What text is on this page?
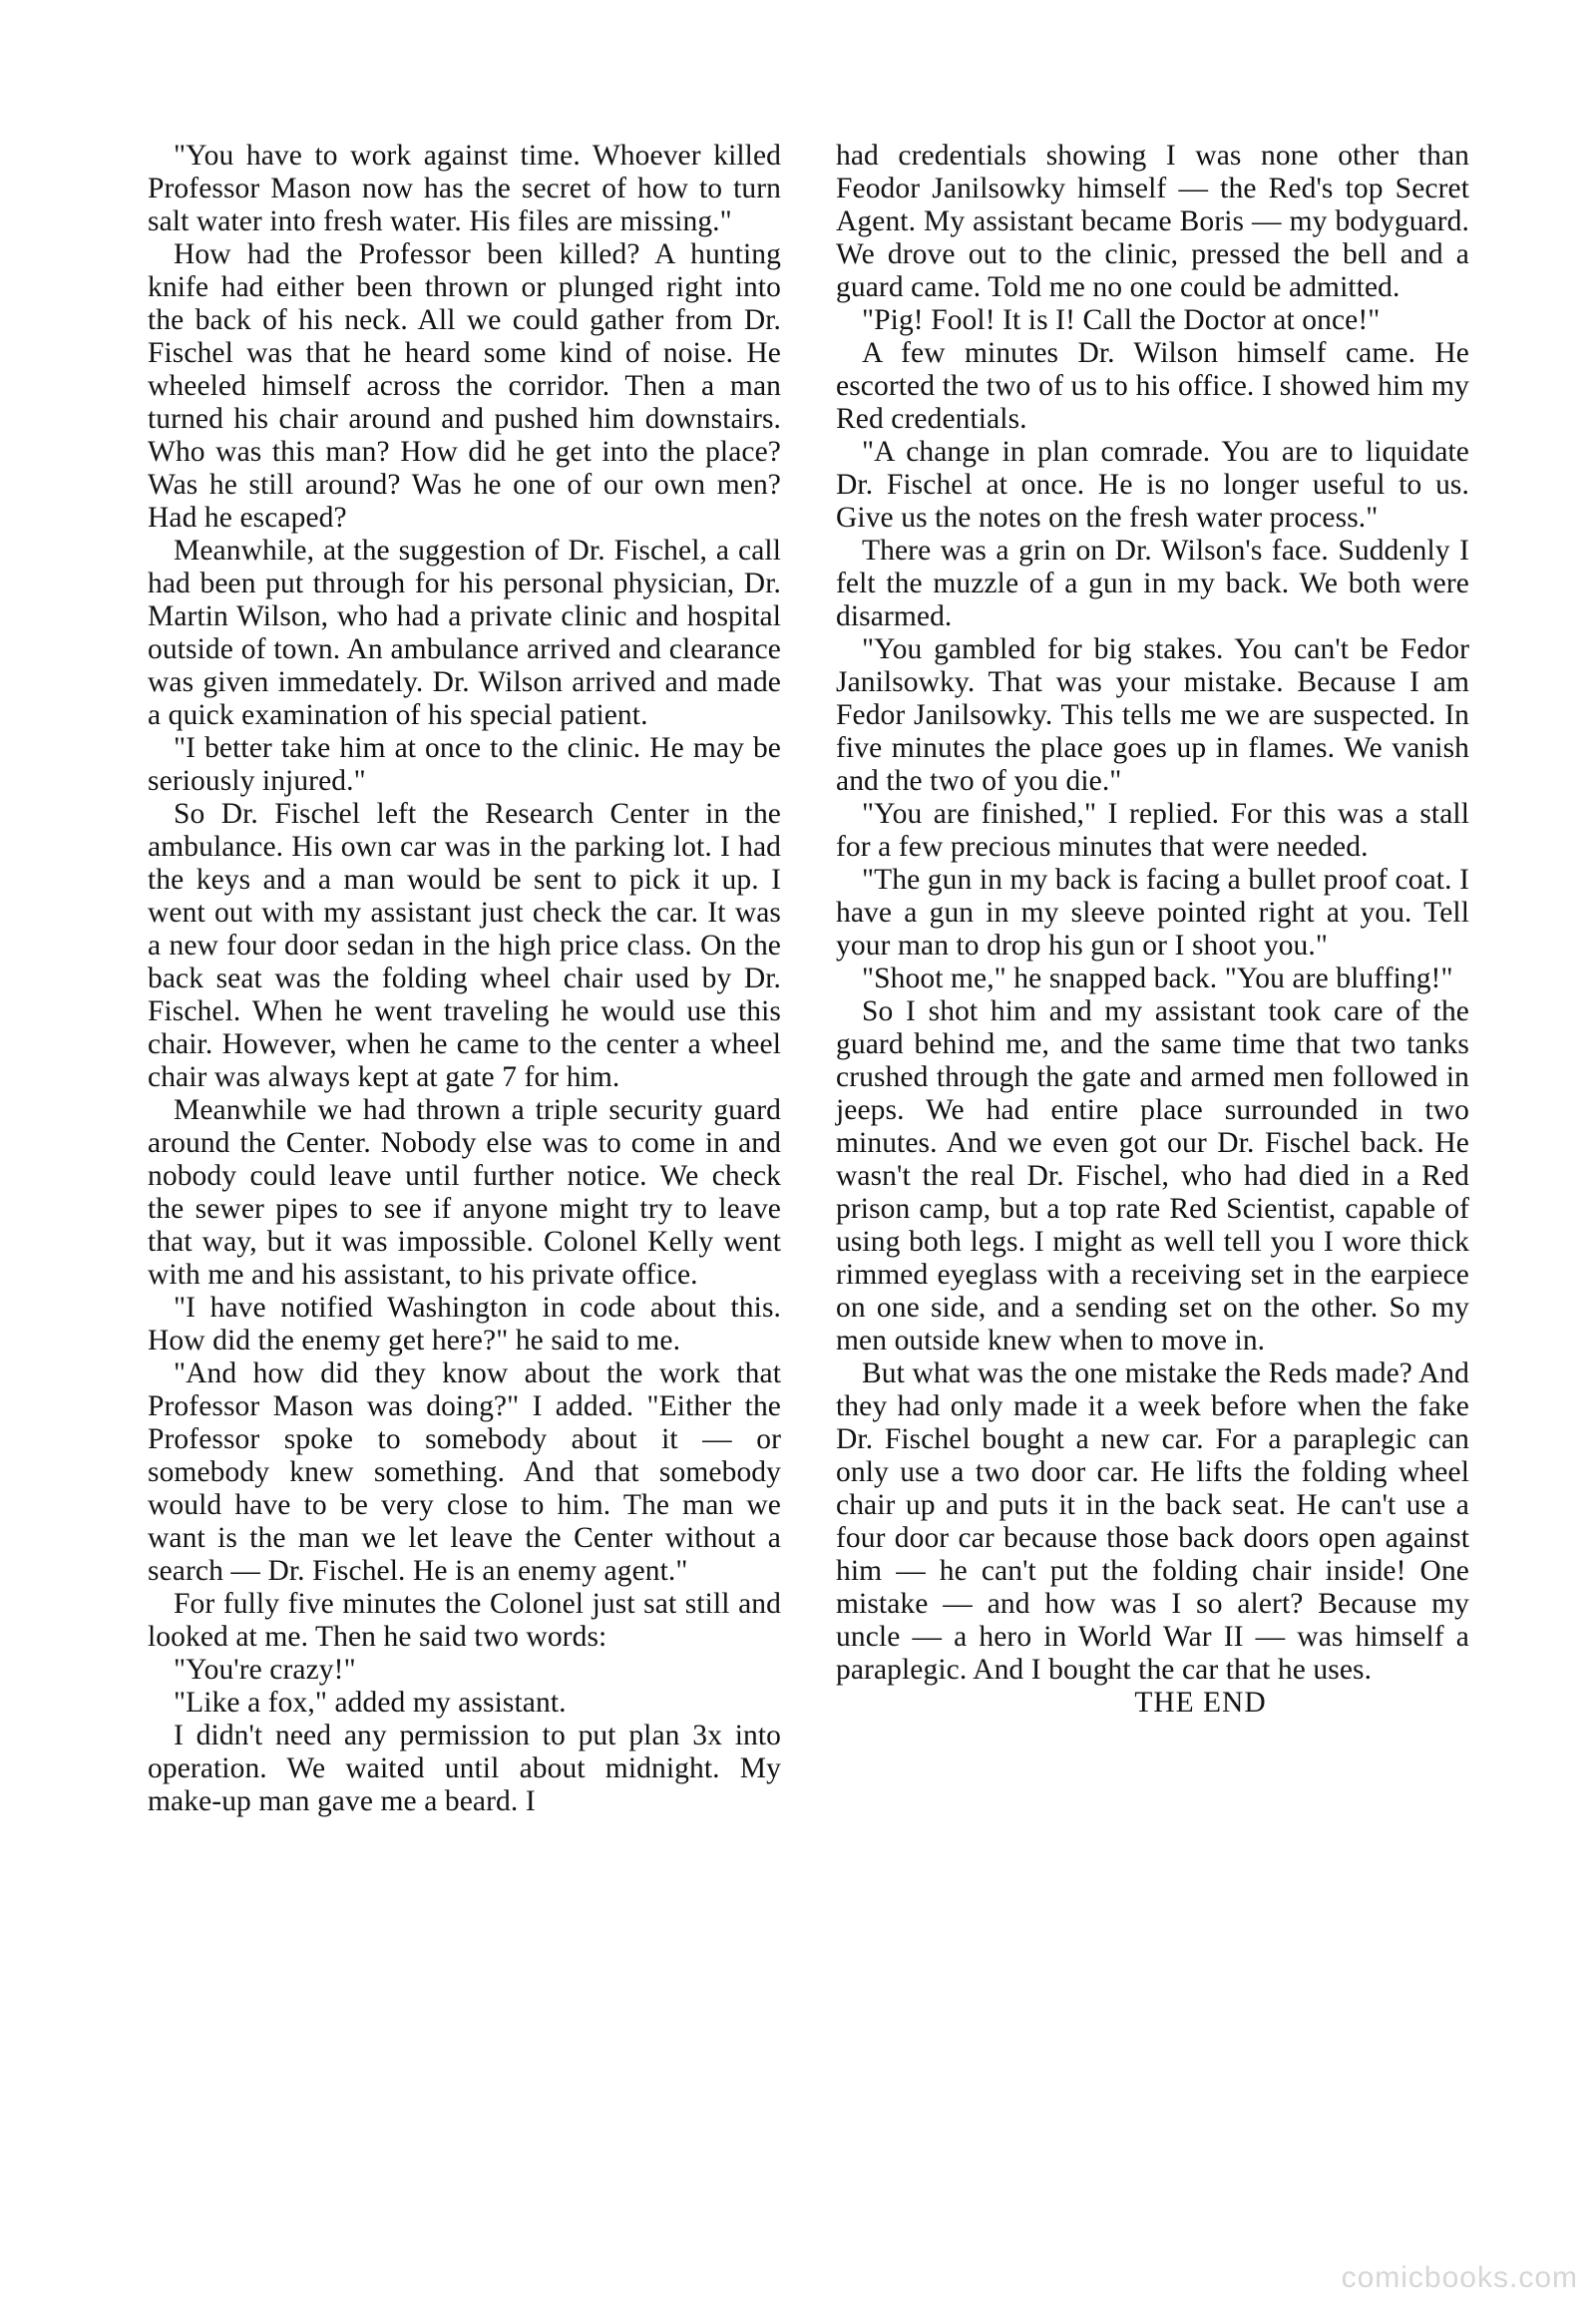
"You have to work against time. Whoever killed Professor Mason now has the secret of how to turn salt water into fresh water. His files are missing."

How had the Professor been killed? A hunting knife had either been thrown or plunged right into the back of his neck. All we could gather from Dr. Fischel was that he heard some kind of noise. He wheeled himself across the corridor. Then a man turned his chair around and pushed him downstairs. Who was this man? How did he get into the place? Was he still around? Was he one of our own men? Had he escaped?

Meanwhile, at the suggestion of Dr. Fischel, a call had been put through for his personal physician, Dr. Martin Wilson, who had a private clinic and hospital outside of town. An ambulance arrived and clearance was given immedately. Dr. Wilson arrived and made a quick examination of his special patient.

"I better take him at once to the clinic. He may be seriously injured."

So Dr. Fischel left the Research Center in the ambulance. His own car was in the parking lot. I had the keys and a man would be sent to pick it up. I went out with my assistant just check the car. It was a new four door sedan in the high price class. On the back seat was the folding wheel chair used by Dr. Fischel. When he went traveling he would use this chair. However, when he came to the center a wheel chair was always kept at gate 7 for him.

Meanwhile we had thrown a triple security guard around the Center. Nobody else was to come in and nobody could leave until further notice. We check the sewer pipes to see if anyone might try to leave that way, but it was impossible. Colonel Kelly went with me and his assistant, to his private office.

"I have notified Washington in code about this. How did the enemy get here?" he said to me.

"And how did they know about the work that Professor Mason was doing?" I added. "Either the Professor spoke to somebody about it — or somebody knew something. And that somebody would have to be very close to him. The man we want is the man we let leave the Center without a search — Dr. Fischel. He is an enemy agent."

For fully five minutes the Colonel just sat still and looked at me. Then he said two words:

"You're crazy!"

"Like a fox," added my assistant.

I didn't need any permission to put plan 3x into operation. We waited until about midnight. My make-up man gave me a beard. I

had credentials showing I was none other than Feodor Janilsowky himself — the Red's top Secret Agent. My assistant became Boris — my bodyguard. We drove out to the clinic, pressed the bell and a guard came. Told me no one could be admitted.

"Pig! Fool! It is I! Call the Doctor at once!"

A few minutes Dr. Wilson himself came. He escorted the two of us to his office. I showed him my Red credentials.

"A change in plan comrade. You are to liquidate Dr. Fischel at once. He is no longer useful to us. Give us the notes on the fresh water process."

There was a grin on Dr. Wilson's face. Suddenly I felt the muzzle of a gun in my back. We both were disarmed.

"You gambled for big stakes. You can't be Fedor Janilsowky. That was your mistake. Because I am Fedor Janilsowky. This tells me we are suspected. In five minutes the place goes up in flames. We vanish and the two of you die."

"You are finished," I replied. For this was a stall for a few precious minutes that were needed.

"The gun in my back is facing a bullet proof coat. I have a gun in my sleeve pointed right at you. Tell your man to drop his gun or I shoot you."

"Shoot me," he snapped back. "You are bluffing!"

So I shot him and my assistant took care of the guard behind me, and the same time that two tanks crushed through the gate and armed men followed in jeeps. We had entire place surrounded in two minutes. And we even got our Dr. Fischel back. He wasn't the real Dr. Fischel, who had died in a Red prison camp, but a top rate Red Scientist, capable of using both legs. I might as well tell you I wore thick rimmed eyeglass with a receiving set in the earpiece on one side, and a sending set on the other. So my men outside knew when to move in.

But what was the one mistake the Reds made? And they had only made it a week before when the fake Dr. Fischel bought a new car. For a paraplegic can only use a two door car. He lifts the folding wheel chair up and puts it in the back seat. He can't use a four door car because those back doors open against him — he can't put the folding chair inside! One mistake — and how was I so alert? Because my uncle — a hero in World War II — was himself a paraplegic. And I bought the car that he uses.

THE END

comicbooks.com
